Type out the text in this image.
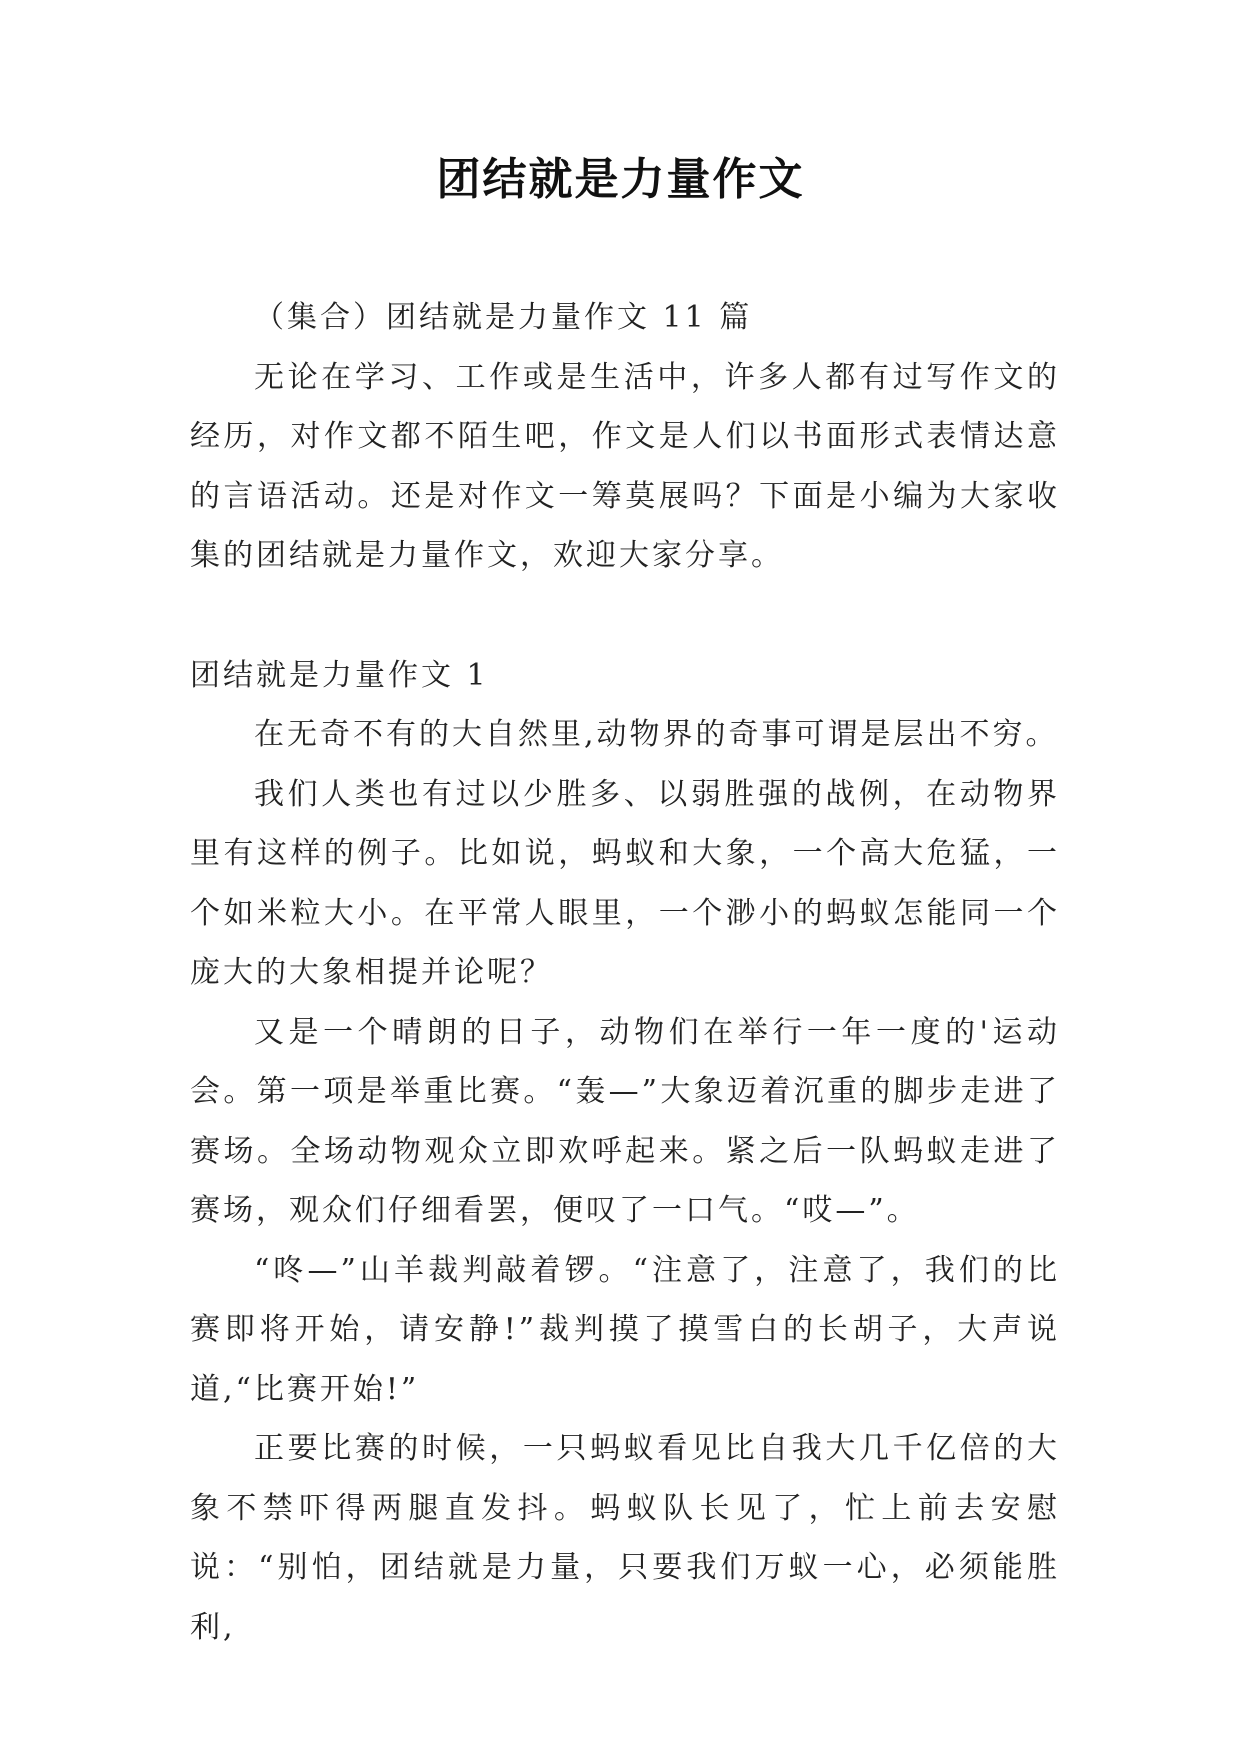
团结就是力量作文

（集合）团结就是力量作文 11 篇

无论在学习、工作或是生活中，许多人都有过写作文的经历，对作文都不陌生吧，作文是人们以书面形式表情达意的言语活动。还是对作文一筹莫展吗？下面是小编为大家收集的团结就是力量作文，欢迎大家分享。

团结就是力量作文 1

在无奇不有的大自然里,动物界的奇事可谓是层出不穷。

我们人类也有过以少胜多、以弱胜强的战例，在动物界里有这样的例子。比如说，蚂蚁和大象，一个高大危猛，一个如米粒大小。在平常人眼里，一个渺小的蚂蚁怎能同一个庞大的大象相提并论呢？

又是一个晴朗的日子，动物们在举行一年一度的'运动会。第一项是举重比赛。“轰—”大象迈着沉重的脚步走进了赛场。全场动物观众立即欢呼起来。紧之后一队蚂蚁走进了赛场，观众们仔细看罢，便叹了一口气。“哎—”。

“咚—”山羊裁判敲着锣。“注意了，注意了，我们的比赛即将开始，请安静!”裁判摸了摸雪白的长胡子，大声说道,“比赛开始!”

正要比赛的时候，一只蚂蚁看见比自我大几千亿倍的大象不禁吓得两腿直发抖。蚂蚁队长见了，忙上前去安慰说：“别怕，团结就是力量，只要我们万蚁一心，必须能胜利,
